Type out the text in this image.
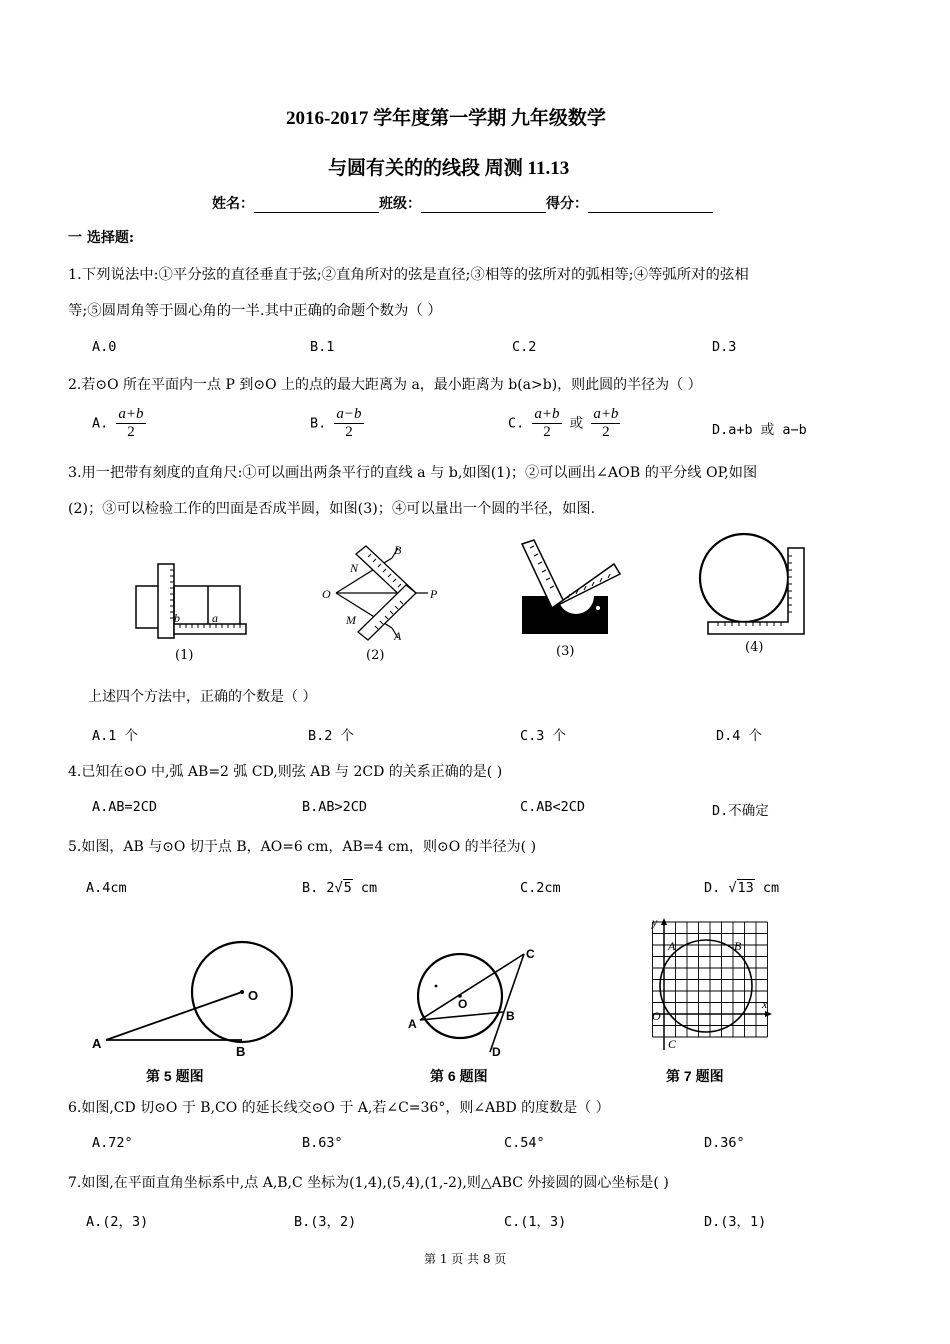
2016-2017 学年度第一学期 九年级数学
与圆有关的的线段 周测 11.13
姓名：	班级：	得分：
一 选择题:
1.下列说法中:①平分弦的直径垂直于弦;②直角所对的弦是直径;③相等的弦所对的弧相等;④等弧所对的弦相
等;⑤圆周角等于圆心角的一半.其中正确的命题个数为（ ）
A.0	B.1	C.2	D.3
2.若⊙O 所在平面内一点 P 到⊙O 上的点的最大距离为 a，最小距离为 b(a>b)，则此圆的半径为（ ）
A. $\frac{a+b}{2}$	B. $\frac{a-b}{2}$	C. $\frac{a+b}{2}$ 或 $\frac{a+b}{2}$	D.a+b 或 a−b
3.用一把带有刻度的直角尺:①可以画出两条平行的直线 a 与 b,如图(1)；②可以画出∠AOB 的平分线 OP,如图
(2)；③可以检验工作的凹面是否成半圆，如图(3)；④可以量出一个圆的半径，如图.
b	a
(1)
B
N
O	P
M
A
(2)	(3)	(4)
上述四个方法中，正确的个数是（ ）
A.1 个	B.2 个	C.3 个	D.4 个
4.已知在⊙O 中,弧 AB=2 弧 CD,则弦 AB 与 2CD 的关系正确的是( )
A.AB=2CD	B.AB>2CD	C.AB<2CD	D.不确定
5.如图，AB 与⊙O 切于点 B，AO=6 cm，AB=4 cm，则⊙O 的半径为( )
A.4cm	B. 2√5 cm	C.2cm	D. √13 cm
O
A
B
第 5 题图
C
O
A
B
D
第 6 题图
y
A	B
O
x
C
第 7 题图
6.如图,CD 切⊙O 于 B,CO 的延长线交⊙O 于 A,若∠C=36°，则∠ABD 的度数是（ ）
A.72°	B.63°	C.54°	D.36°
7.如图,在平面直角坐标系中,点 A,B,C 坐标为(1,4),(5,4),(1,-2),则△ABC 外接圆的圆心坐标是( )
A.(2，3)	B.(3，2)	C.(1，3)	D.(3，1)
第 1 页 共 8 页
